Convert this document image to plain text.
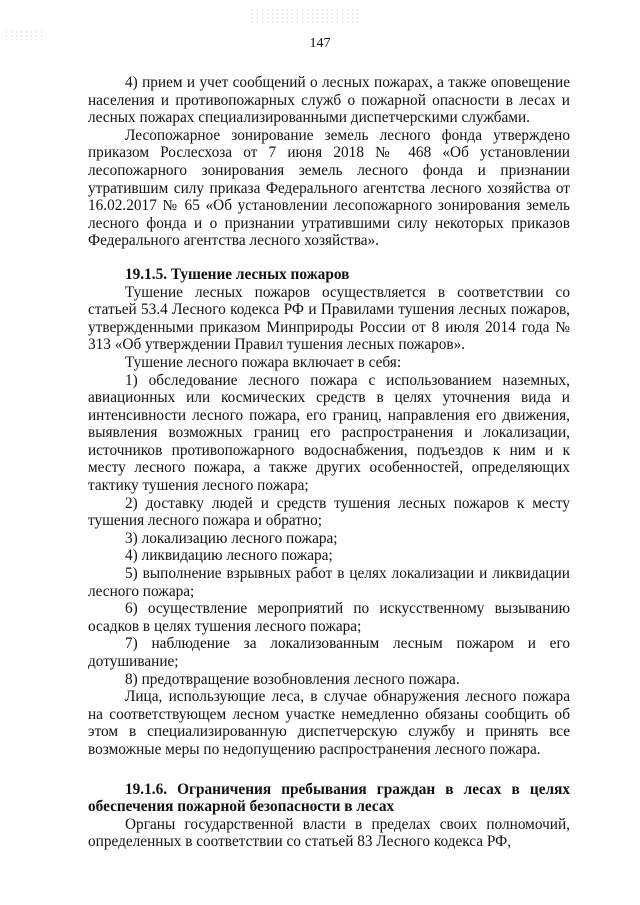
147

4) прием и учет сообщений о лесных пожарах, а также оповещение населения и противопожарных служб о пожарной опасности в лесах и лесных пожарах специализированными диспетчерскими службами.

Лесопожарное зонирование земель лесного фонда утверждено приказом Рослесхоза от 7 июня 2018 № 468 «Об установлении лесопожарного зонирования земель лесного фонда и признании утратившим силу приказа Федерального агентства лесного хозяйства от 16.02.2017 № 65 «Об установлении лесопожарного зонирования земель лесного фонда и о признании утратившими силу некоторых приказов Федерального агентства лесного хозяйства».

19.1.5. Тушение лесных пожаров

Тушение лесных пожаров осуществляется в соответствии со статьей 53.4 Лесного кодекса РФ и Правилами тушения лесных пожаров, утвержденными приказом Минприроды России от 8 июля 2014 года № 313 «Об утверждении Правил тушения лесных пожаров».

Тушение лесного пожара включает в себя:

1) обследование лесного пожара с использованием наземных, авиационных или космических средств в целях уточнения вида и интенсивности лесного пожара, его границ, направления его движения, выявления возможных границ его распространения и локализации, источников противопожарного водоснабжения, подъездов к ним и к месту лесного пожара, а также других особенностей, определяющих тактику тушения лесного пожара;

2) доставку людей и средств тушения лесных пожаров к месту тушения лесного пожара и обратно;

3) локализацию лесного пожара;

4) ликвидацию лесного пожара;

5) выполнение взрывных работ в целях локализации и ликвидации лесного пожара;

6) осуществление мероприятий по искусственному вызыванию осадков в целях тушения лесного пожара;

7) наблюдение за локализованным лесным пожаром и его дотушивание;

8) предотвращение возобновления лесного пожара.

Лица, использующие леса, в случае обнаружения лесного пожара на соответствующем лесном участке немедленно обязаны сообщить об этом в специализированную диспетчерскую службу и принять все возможные меры по недопущению распространения лесного пожара.

19.1.6. Ограничения пребывания граждан в лесах в целях обеспечения пожарной безопасности в лесах

Органы государственной власти в пределах своих полномочий, определенных в соответствии со статьей 83 Лесного кодекса РФ,
